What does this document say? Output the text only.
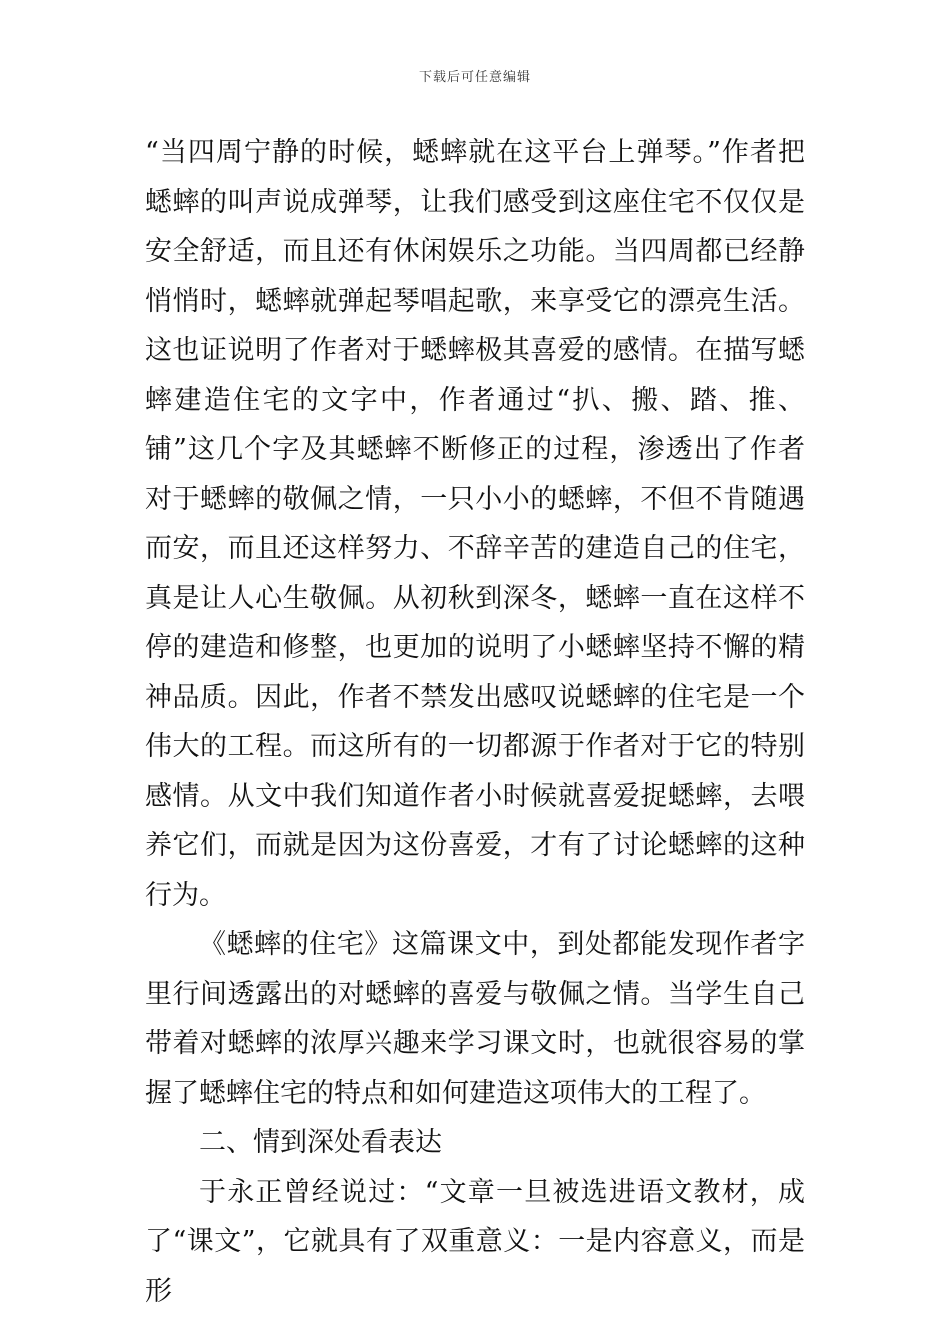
下载后可任意编辑

“当四周宁静的时候，蟋蟀就在这平台上弹琴。”作者把蟋蟀的叫声说成弹琴，让我们感受到这座住宅不仅仅是安全舒适，而且还有休闲娱乐之功能。当四周都已经静悄悄时，蟋蟀就弹起琴唱起歌，来享受它的漂亮生活。这也证说明了作者对于蟋蟀极其喜爱的感情。在描写蟋蟀建造住宅的文字中，作者通过“扒、搬、踏、推、铺”这几个字及其蟋蟀不断修正的过程，渗透出了作者对于蟋蟀的敬佩之情，一只小小的蟋蟀，不但不肯随遇而安，而且还这样努力、不辞辛苦的建造自己的住宅，真是让人心生敬佩。从初秋到深冬，蟋蟀一直在这样不停的建造和修整，也更加的说明了小蟋蟀坚持不懈的精神品质。因此，作者不禁发出感叹说蟋蟀的住宅是一个伟大的工程。而这所有的一切都源于作者对于它的特别感情。从文中我们知道作者小时候就喜爱捉蟋蟀，去喂养它们，而就是因为这份喜爱，才有了讨论蟋蟀的这种行为。

《蟋蟀的住宅》这篇课文中，到处都能发现作者字里行间透露出的对蟋蟀的喜爱与敬佩之情。当学生自己带着对蟋蟀的浓厚兴趣来学习课文时，也就很容易的掌握了蟋蟀住宅的特点和如何建造这项伟大的工程了。

二、情到深处看表达

于永正曾经说过：“文章一旦被选进语文教材，成了“课文”，它就具有了双重意义：一是内容意义，而是形
